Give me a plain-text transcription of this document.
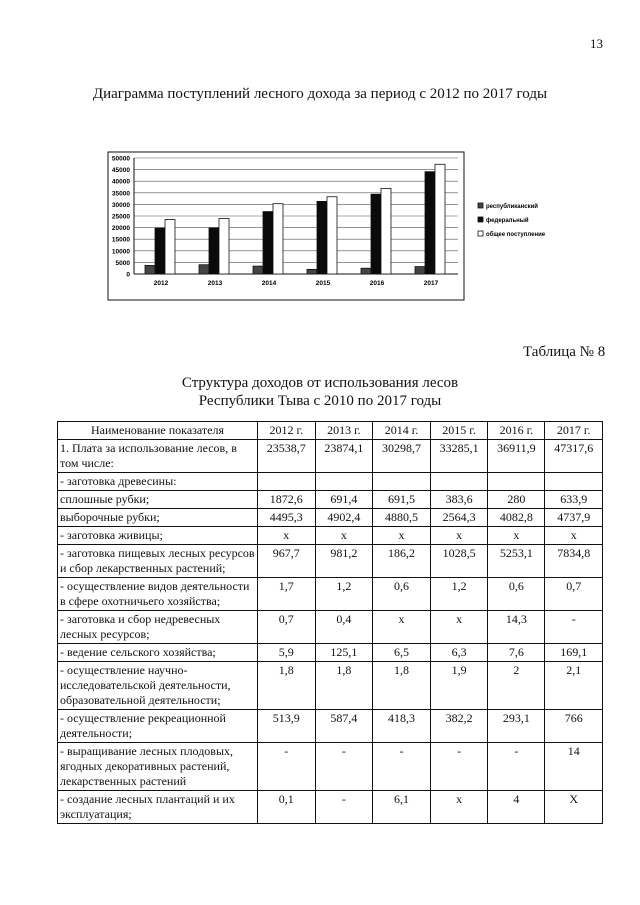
13
Диаграмма поступлений лесного дохода за период с 2012 по 2017 годы
0
5000
10000
15000
20000
25000
30000
35000
40000
45000
50000
2012	2013	2014	2015	2016	2017
республиканский
федеральный
общее поступление
Таблица № 8
Структура доходов от использования лесов
Республики Тыва с 2010 по 2017 годы
Наименование показателя	2012 г.	2013 г.	2014 г.	2015 г.	2016 г.	2017 г.
1. Плата за использование лесов, в том числе:	23538,7	23874,1	30298,7	33285,1	36911,9	47317,6
- заготовка древесины:						
сплошные рубки;	1872,6	691,4	691,5	383,6	280	633,9
выборочные рубки;	4495,3	4902,4	4880,5	2564,3	4082,8	4737,9
- заготовка живицы;	х	х	х	х	х	х
- заготовка пищевых лесных ресурсов и сбор лекарственных растений;	967,7	981,2	186,2	1028,5	5253,1	7834,8
- осуществление видов деятельности в сфере охотничьего хозяйства;	1,7	1,2	0,6	1,2	0,6	0,7
- заготовка и сбор недревесных лесных ресурсов;	0,7	0,4	х	х	14,3	-
- ведение сельского хозяйства;	5,9	125,1	6,5	6,3	7,6	169,1
- осуществление научно-исследовательской деятельности, образовательной деятельности;	1,8	1,8	1,8	1,9	2	2,1
- осуществление рекреационной деятельности;	513,9	587,4	418,3	382,2	293,1	766
- выращивание лесных плодовых, ягодных декоративных растений, лекарственных растений	-	-	-	-	-	14
- создание лесных плантаций и их эксплуатация;	0,1	-	6,1	х	4	Х
